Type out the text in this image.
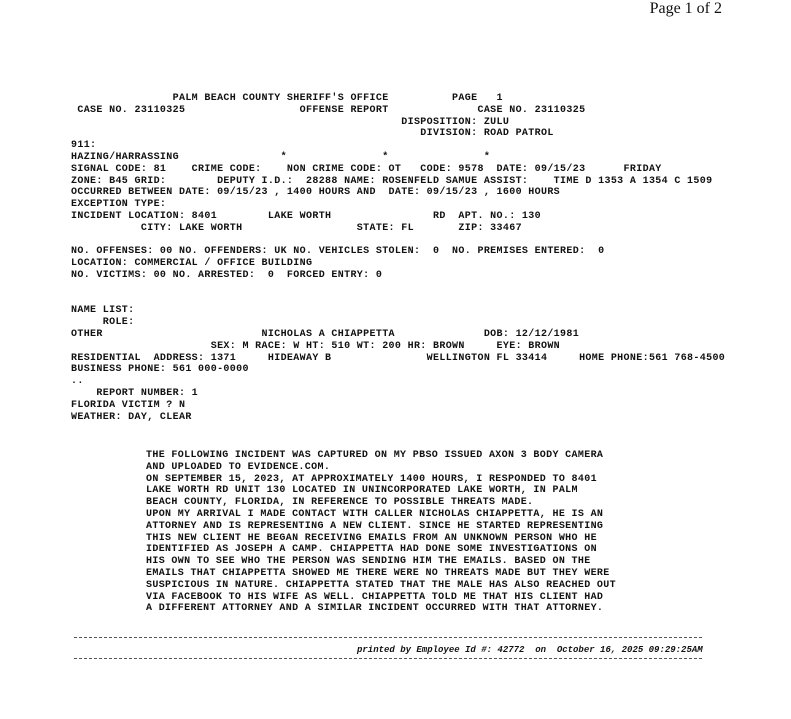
Page 1 of 2
PALM BEACH COUNTY SHERIFF'S OFFICE          PAGE   1
CASE NO. 23110325                  OFFENSE REPORT              CASE NO. 23110325
DISPOSITION: ZULU
DIVISION: ROAD PATROL
911:
HAZING/HARRASSING                *               *               *
SIGNAL CODE: 81    CRIME CODE:    NON CRIME CODE: OT   CODE: 9578  DATE: 09/15/23      FRIDAY
ZONE: B45 GRID:        DEPUTY I.D.:  28288 NAME: ROSENFELD SAMUE ASSIST:    TIME D 1353 A 1354 C 1509
OCCURRED BETWEEN DATE: 09/15/23 , 1400 HOURS AND  DATE: 09/15/23 , 1600 HOURS
EXCEPTION TYPE:
INCIDENT LOCATION: 8401        LAKE WORTH                RD  APT. NO.: 130
CITY: LAKE WORTH                  STATE: FL       ZIP: 33467
NO. OFFENSES: 00 NO. OFFENDERS: UK NO. VEHICLES STOLEN:  0  NO. PREMISES ENTERED:  0
LOCATION: COMMERCIAL / OFFICE BUILDING
NO. VICTIMS: 00 NO. ARRESTED:  0  FORCED ENTRY: 0
NAME LIST:
ROLE:
OTHER                         NICHOLAS A CHIAPPETTA              DOB: 12/12/1981
SEX: M RACE: W HT: 510 WT: 200 HR: BROWN     EYE: BROWN
RESIDENTIAL  ADDRESS: 1371     HIDEAWAY B               WELLINGTON FL 33414     HOME PHONE:561 768-4500
BUSINESS PHONE: 561 000-0000
..
REPORT NUMBER: 1
FLORIDA VICTIM ? N
WEATHER: DAY, CLEAR
THE FOLLOWING INCIDENT WAS CAPTURED ON MY PBSO ISSUED AXON 3 BODY CAMERA
AND UPLOADED TO EVIDENCE.COM.
ON SEPTEMBER 15, 2023, AT APPROXIMATELY 1400 HOURS, I RESPONDED TO 8401
LAKE WORTH RD UNIT 130 LOCATED IN UNINCORPORATED LAKE WORTH, IN PALM
BEACH COUNTY, FLORIDA, IN REFERENCE TO POSSIBLE THREATS MADE.
UPON MY ARRIVAL I MADE CONTACT WITH CALLER NICHOLAS CHIAPPETTA, HE IS AN
ATTORNEY AND IS REPRESENTING A NEW CLIENT. SINCE HE STARTED REPRESENTING
THIS NEW CLIENT HE BEGAN RECEIVING EMAILS FROM AN UNKNOWN PERSON WHO HE
IDENTIFIED AS JOSEPH A CAMP. CHIAPPETTA HAD DONE SOME INVESTIGATIONS ON
HIS OWN TO SEE WHO THE PERSON WAS SENDING HIM THE EMAILS. BASED ON THE
EMAILS THAT CHIAPPETTA SHOWED ME THERE WERE NO THREATS MADE BUT THEY WERE
SUSPICIOUS IN NATURE. CHIAPPETTA STATED THAT THE MALE HAS ALSO REACHED OUT
VIA FACEBOOK TO HIS WIFE AS WELL. CHIAPPETTA TOLD ME THAT HIS CLIENT HAD
A DIFFERENT ATTORNEY AND A SIMILAR INCIDENT OCCURRED WITH THAT ATTORNEY.
printed by Employee Id #: 42772  on  October 16, 2025 09:29:25AM
